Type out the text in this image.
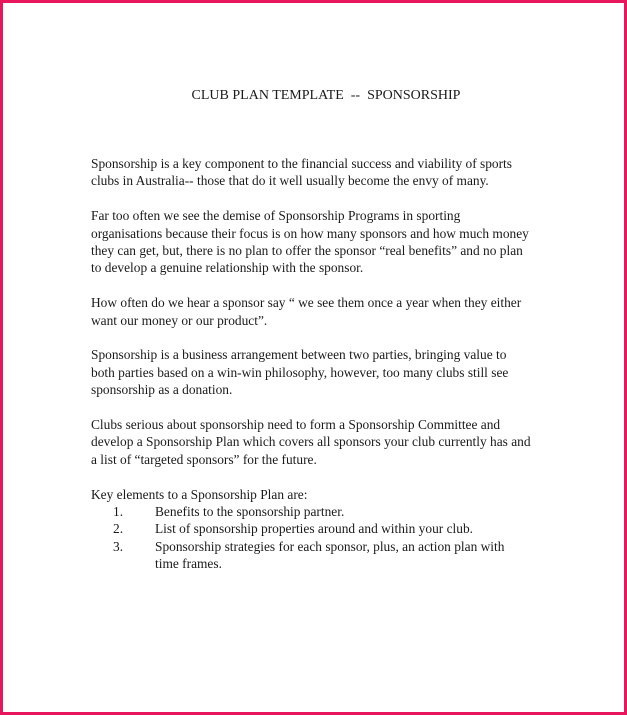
CLUB PLAN TEMPLATE  --  SPONSORSHIP

Sponsorship is a key component to the financial success and viability of sports clubs in Australia-- those that do it well usually become the envy of many.

Far too often we see the demise of Sponsorship Programs in sporting organisations because their focus is on how many sponsors and how much money they can get, but, there is no plan to offer the sponsor “real benefits” and no plan to develop a genuine relationship with the sponsor.

How often do we hear a sponsor say “ we see them once a year when they either want our money or our product”.

Sponsorship is a business arrangement between two parties, bringing value to both parties based on a win-win philosophy, however, too many clubs still see sponsorship as a donation.

Clubs serious about sponsorship need to form a Sponsorship Committee and develop a Sponsorship Plan which covers all sponsors your club currently has and a list of “targeted sponsors” for the future.

Key elements to a Sponsorship Plan are:

1.	Benefits to the sponsorship partner.
2.	List of sponsorship properties around and within your club.
3.	Sponsorship strategies for each sponsor, plus, an action plan with time frames.
